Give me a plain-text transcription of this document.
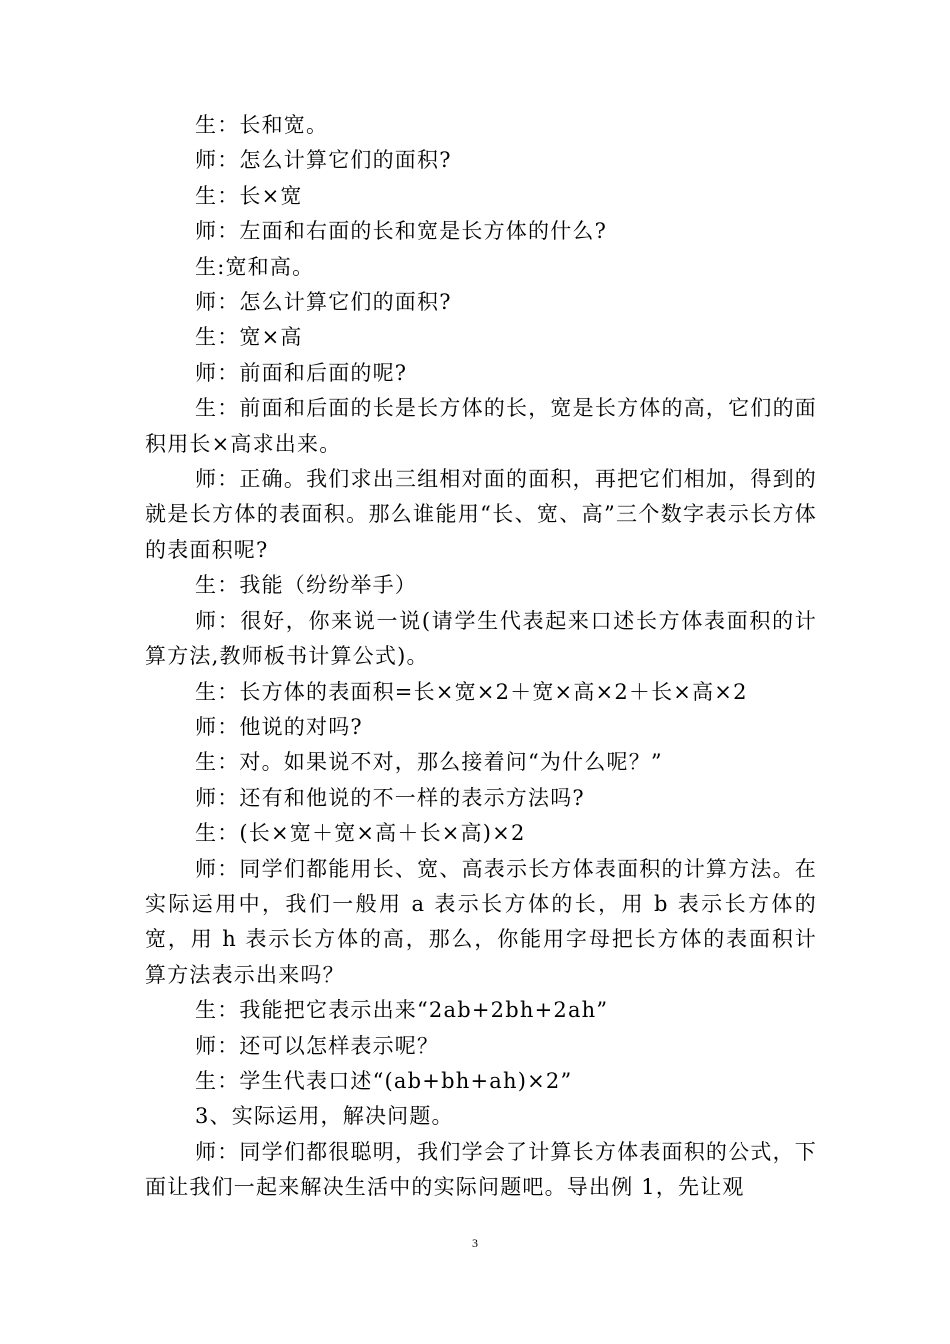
生：长和宽。

师：怎么计算它们的面积?

生：长×宽

师：左面和右面的长和宽是长方体的什么?

生:宽和高。

师：怎么计算它们的面积?

生：宽×高

师：前面和后面的呢?

生：前面和后面的长是长方体的长，宽是长方体的高，它们的面积用长×高求出来。

师：正确。我们求出三组相对面的面积，再把它们相加，得到的就是长方体的表面积。那么谁能用“长、宽、高”三个数字表示长方体的表面积呢?

生：我能（纷纷举手）

师：很好，你来说一说(请学生代表起来口述长方体表面积的计算方法,教师板书计算公式)。

生：长方体的表面积=长×宽×2＋宽×高×2＋长×高×2

师：他说的对吗?

生：对。如果说不对，那么接着问“为什么呢？”

师：还有和他说的不一样的表示方法吗?

生：(长×宽＋宽×高＋长×高)×2

师：同学们都能用长、宽、高表示长方体表面积的计算方法。在实际运用中，我们一般用 a 表示长方体的长，用 b 表示长方体的宽，用 h 表示长方体的高，那么，你能用字母把长方体的表面积计算方法表示出来吗？

生：我能把它表示出来“2ab+2bh+2ah”

师：还可以怎样表示呢？

生：学生代表口述“(ab+bh+ah)×2”

3、实际运用，解决问题。

师：同学们都很聪明，我们学会了计算长方体表面积的公式，下面让我们一起来解决生活中的实际问题吧。导出例 1，先让观

3
